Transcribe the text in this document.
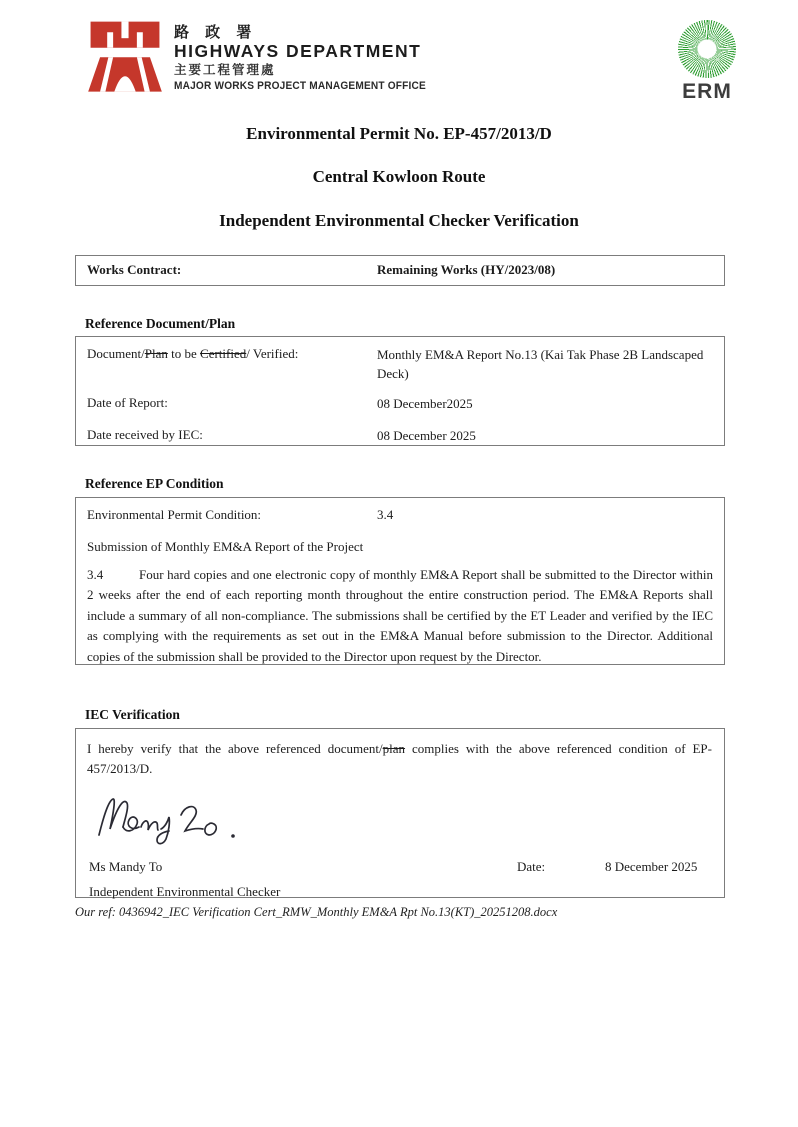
路 政 署
HIGHWAYS DEPARTMENT
主要工程管理處
MAJOR WORKS PROJECT MANAGEMENT OFFICE	ERM
Environmental Permit No. EP-457/2013/D
Central Kowloon Route
Independent Environmental Checker Verification
Works Contract:	Remaining Works (HY/2023/08)
Reference Document/Plan
Document/Plan to be Certified/ Verified:	Monthly EM&A Report No.13 (Kai Tak Phase 2B Landscaped Deck)
Date of Report:	08 December2025
Date received by IEC:	08 December 2025
Reference EP Condition
Environmental Permit Condition:	3.4
Submission of Monthly EM&A Report of the Project
3.4	Four hard copies and one electronic copy of monthly EM&A Report shall be submitted to the Director within 2 weeks after the end of each reporting month throughout the entire construction period. The EM&A Reports shall include a summary of all non-compliance. The submissions shall be certified by the ET Leader and verified by the IEC as complying with the requirements as set out in the EM&A Manual before submission to the Director. Additional copies of the submission shall be provided to the Director upon request by the Director.
IEC Verification
I hereby verify that the above referenced document/plan complies with the above referenced condition of EP-457/2013/D.
Ms Mandy To	Date:	8 December 2025
Independent Environmental Checker
Our ref: 0436942_IEC Verification Cert_RMW_Monthly EM&A Rpt No.13(KT)_20251208.docx
